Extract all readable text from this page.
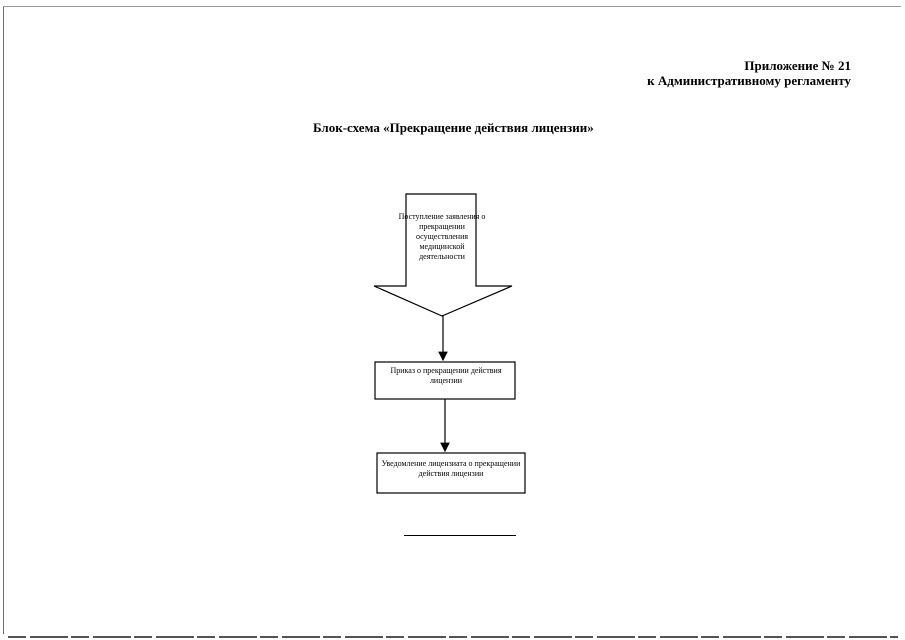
Приложение № 21
к Административному регламенту
Блок-схема «Прекращение действия лицензии»
Поступление заявления о прекращении осуществления медицинской деятельности
Приказ о прекращении действия лицензии
Уведомление лицензиата о прекращении действия лицензии
